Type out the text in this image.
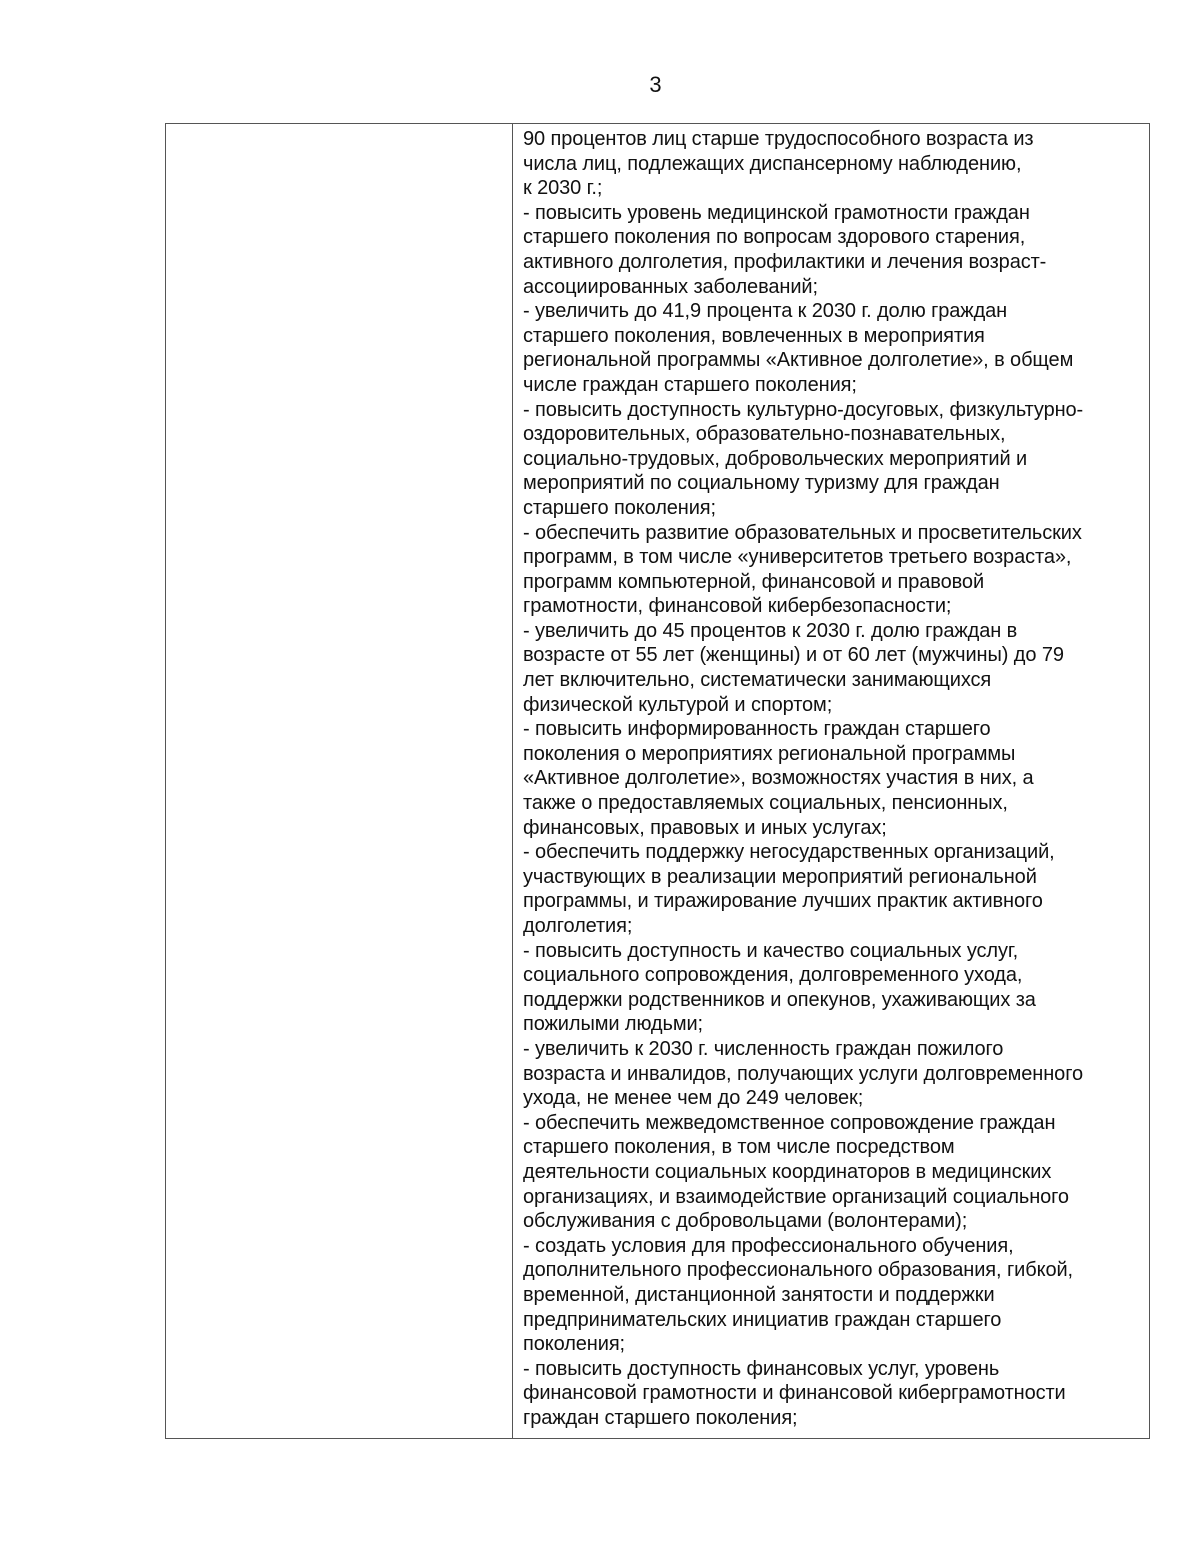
3
90 процентов лиц старше трудоспособного возраста из
числа лиц, подлежащих диспансерному наблюдению,
к 2030 г.;
- повысить уровень медицинской грамотности граждан
старшего поколения по вопросам здорового старения,
активного долголетия, профилактики и лечения возраст-
ассоциированных заболеваний;
- увеличить до 41,9 процента к 2030 г. долю граждан
старшего поколения, вовлеченных в мероприятия
региональной программы «Активное долголетие», в общем
числе граждан старшего поколения;
- повысить доступность культурно-досуговых, физкультурно-
оздоровительных, образовательно-познавательных,
социально-трудовых, добровольческих мероприятий и
мероприятий по социальному туризму для граждан
старшего поколения;
- обеспечить развитие образовательных и просветительских
программ, в том числе «университетов третьего возраста»,
программ компьютерной, финансовой и правовой
грамотности, финансовой кибербезопасности;
- увеличить до 45 процентов к 2030 г. долю граждан в
возрасте от 55 лет (женщины) и от 60 лет (мужчины) до 79
лет включительно, систематически занимающихся
физической культурой и спортом;
- повысить информированность граждан старшего
поколения о мероприятиях региональной программы
«Активное долголетие», возможностях участия в них, а
также о предоставляемых социальных, пенсионных,
финансовых, правовых и иных услугах;
- обеспечить поддержку негосударственных организаций,
участвующих в реализации мероприятий региональной
программы, и тиражирование лучших практик активного
долголетия;
- повысить доступность и качество социальных услуг,
социального сопровождения, долговременного ухода,
поддержки родственников и опекунов, ухаживающих за
пожилыми людьми;
- увеличить к 2030 г. численность граждан пожилого
возраста и инвалидов, получающих услуги долговременного
ухода, не менее чем до 249 человек;
- обеспечить межведомственное сопровождение граждан
старшего поколения, в том числе посредством
деятельности социальных координаторов в медицинских
организациях, и взаимодействие организаций социального
обслуживания с добровольцами (волонтерами);
- создать условия для профессионального обучения,
дополнительного профессионального образования, гибкой,
временной, дистанционной занятости и поддержки
предпринимательских инициатив граждан старшего
поколения;
- повысить доступность финансовых услуг, уровень
финансовой грамотности и финансовой киберграмотности
граждан старшего поколения;
